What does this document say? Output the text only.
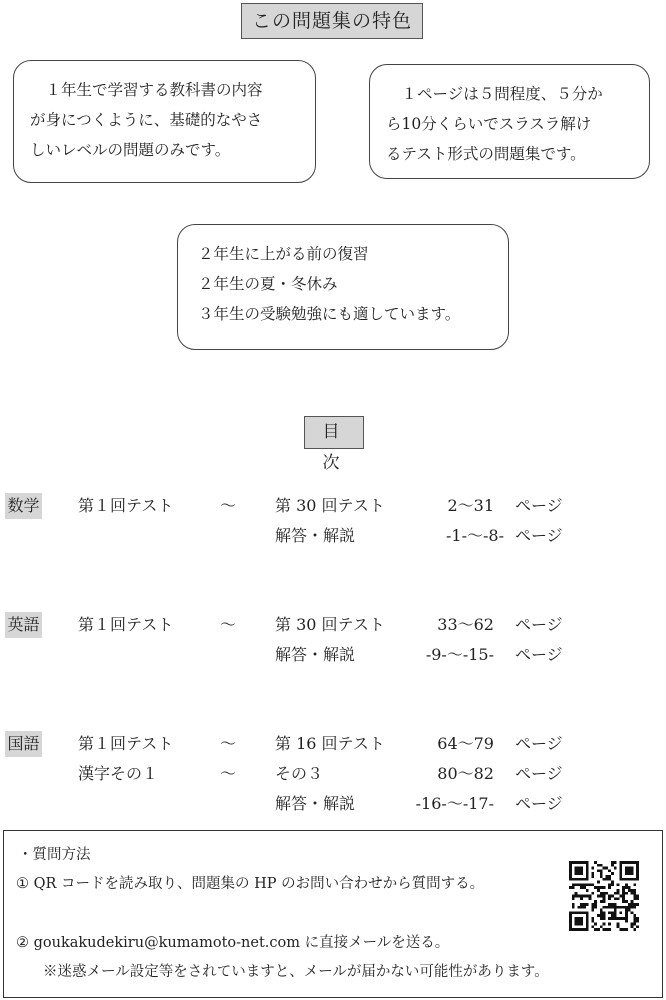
この問題集の特色
　１年生で学習する教科書の内容
が身につくように、基礎的なやさ
しいレベルの問題のみです。
　１ページは５問程度、５分か
ら10分くらいでスラスラ解け
るテスト形式の問題集です。
２年生に上がる前の復習
２年生の夏・冬休み
３年生の受験勉強にも適しています。
目　次
数学 第１回テスト	～ 第 30 回テスト	2～31 ページ
解答・解説	-1-～-8- ページ
英語 第１回テスト	～ 第 30 回テスト	33～62 ページ
解答・解説	-9-～-15- ページ
国語 第１回テスト	～ 第 16 回テスト	64～79 ページ
漢字その１	～ その３	80～82 ページ
解答・解説	-16-～-17- ページ
・質問方法
① QR コードを読み取り、問題集の HP のお問い合わせから質問する。
② goukakudekiru@kumamoto-net.com に直接メールを送る。
※迷惑メール設定等をされていますと、メールが届かない可能性があります。
